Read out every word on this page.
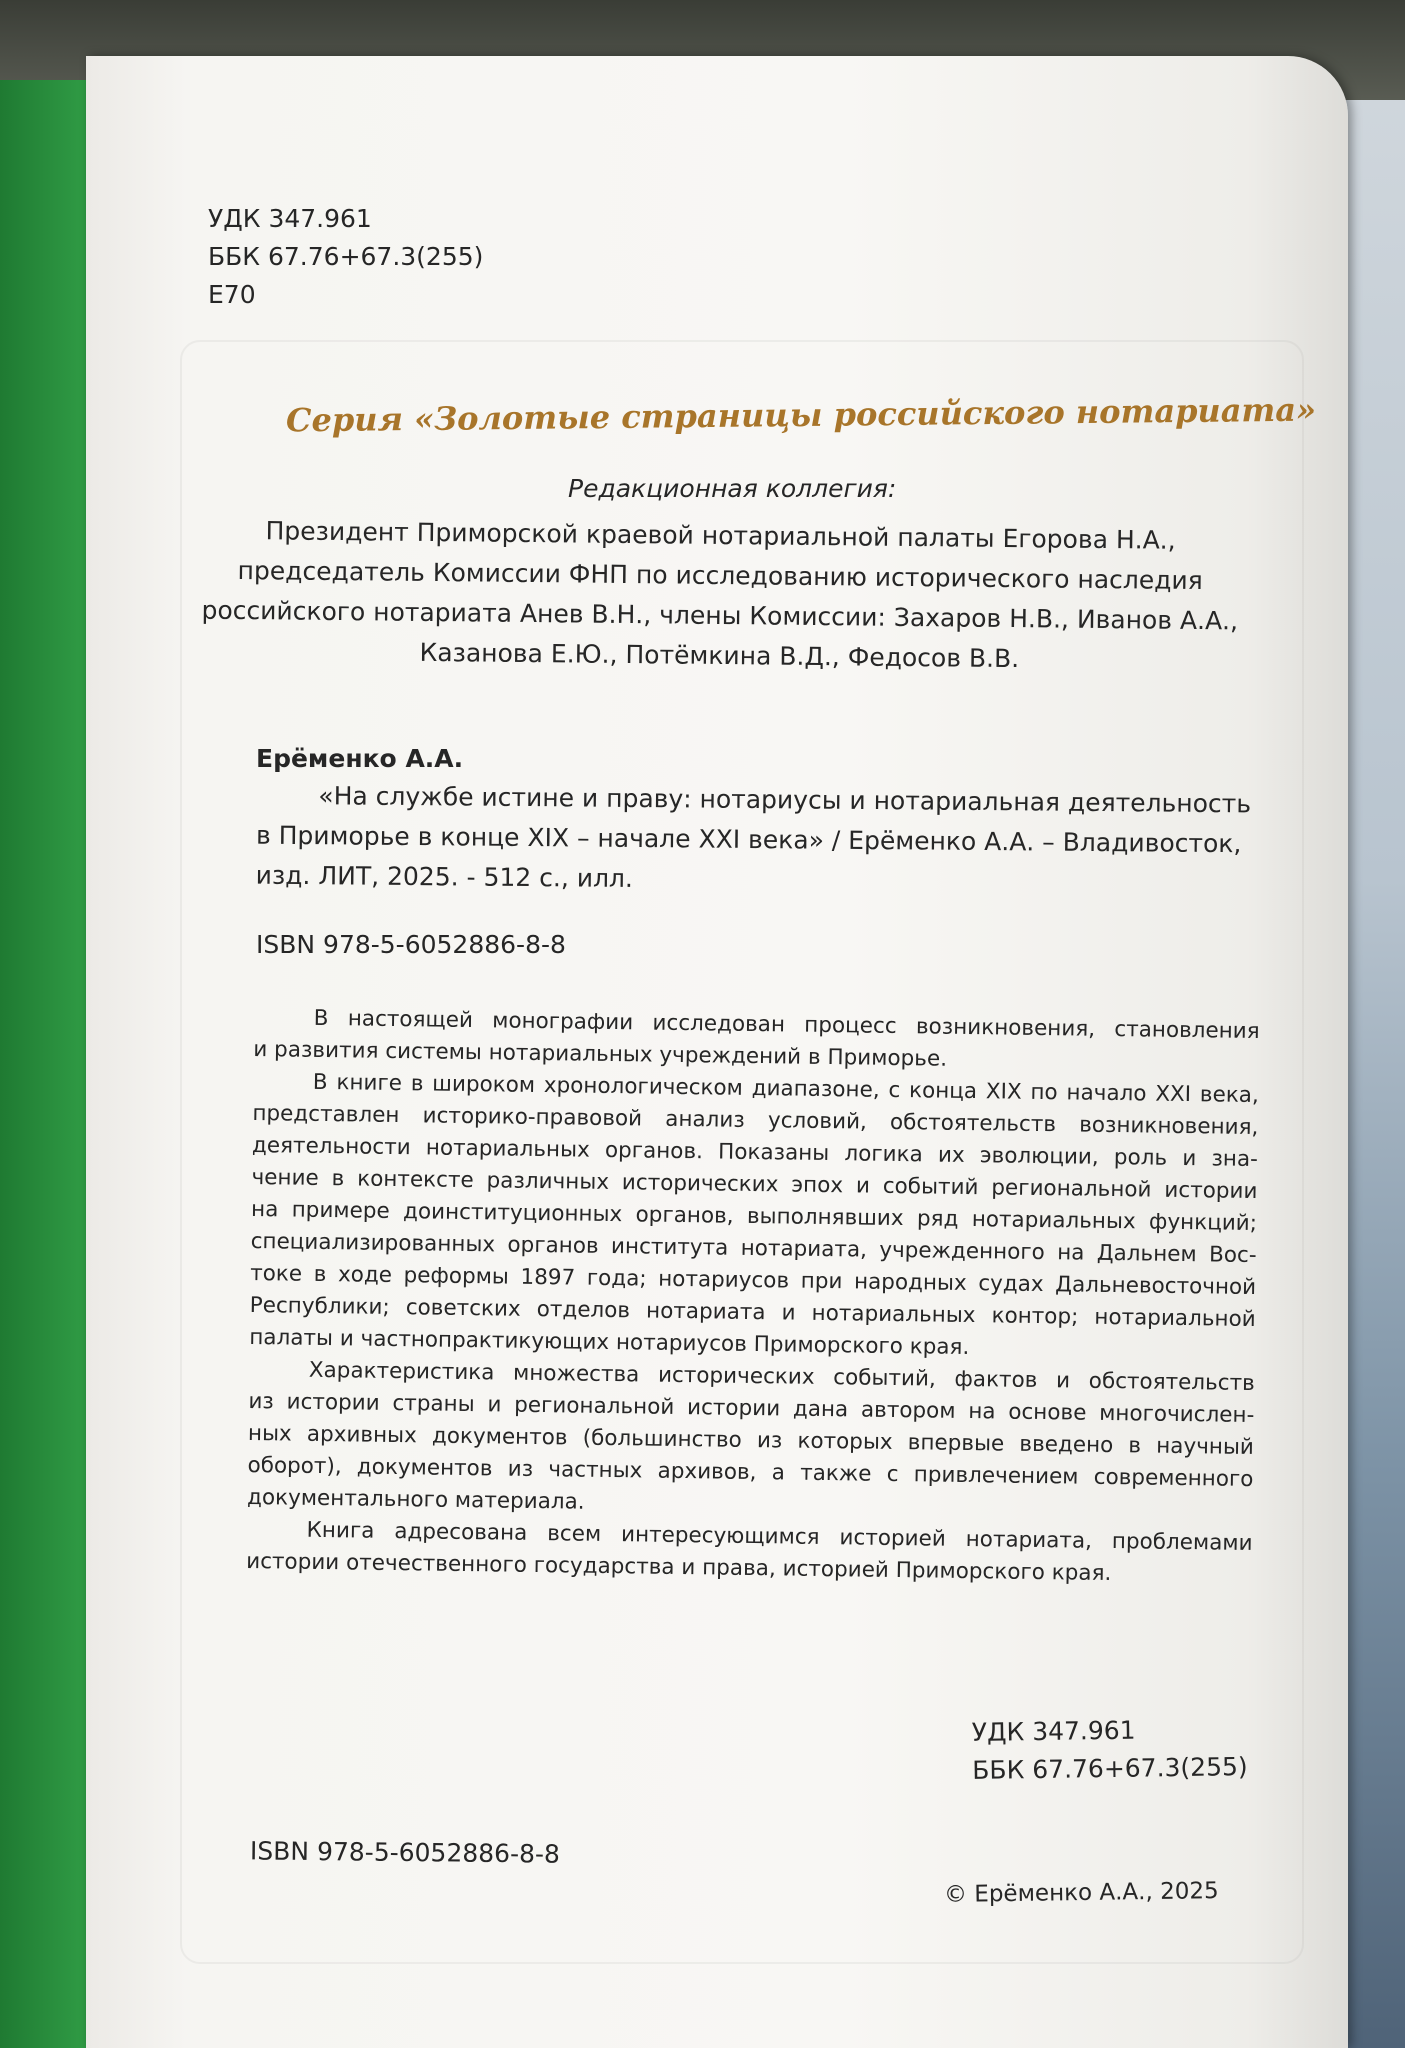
УДК 347.961
ББК 67.76+67.3(255)
Е70
Серия «Золотые страницы российского нотариата»
Редакционная коллегия:
Президент Приморской краевой нотариальной палаты Егорова Н.А.,
председатель Комиссии ФНП по исследованию исторического наследия
российского нотариата Анев В.Н., члены Комиссии: Захаров Н.В., Иванов А.А.,
Казанова Е.Ю., Потёмкина В.Д., Федосов В.В.
Ерёменко А.А.
«На службе истине и праву: нотариусы и нотариальная деятельность
в Приморье в конце XIX – начале XXI века» / Ерёменко А.А. – Владивосток,
изд. ЛИТ, 2025. - 512 с., илл.
ISBN 978-5-6052886-8-8
В настоящей монографии исследован процесс возникновения, становления
и развития системы нотариальных учреждений в Приморье.
В книге в широком хронологическом диапазоне, с конца XIX по начало XXI века,
представлен историко-правовой анализ условий, обстоятельств возникновения,
деятельности нотариальных органов. Показаны логика их эволюции, роль и зна-
чение в контексте различных исторических эпох и событий региональной истории
на примере доинституционных органов, выполнявших ряд нотариальных функций;
специализированных органов института нотариата, учрежденного на Дальнем Вос-
токе в ходе реформы 1897 года; нотариусов при народных судах Дальневосточной
Республики; советских отделов нотариата и нотариальных контор; нотариальной
палаты и частнопрактикующих нотариусов Приморского края.
Характеристика множества исторических событий, фактов и обстоятельств
из истории страны и региональной истории дана автором на основе многочислен-
ных архивных документов (большинство из которых впервые введено в научный
оборот), документов из частных архивов, а также с привлечением современного
документального материала.
Книга адресована всем интересующимся историей нотариата, проблемами
истории отечественного государства и права, историей Приморского края.
УДК 347.961
ББК 67.76+67.3(255)
ISBN 978-5-6052886-8-8
© Ерёменко А.А., 2025
